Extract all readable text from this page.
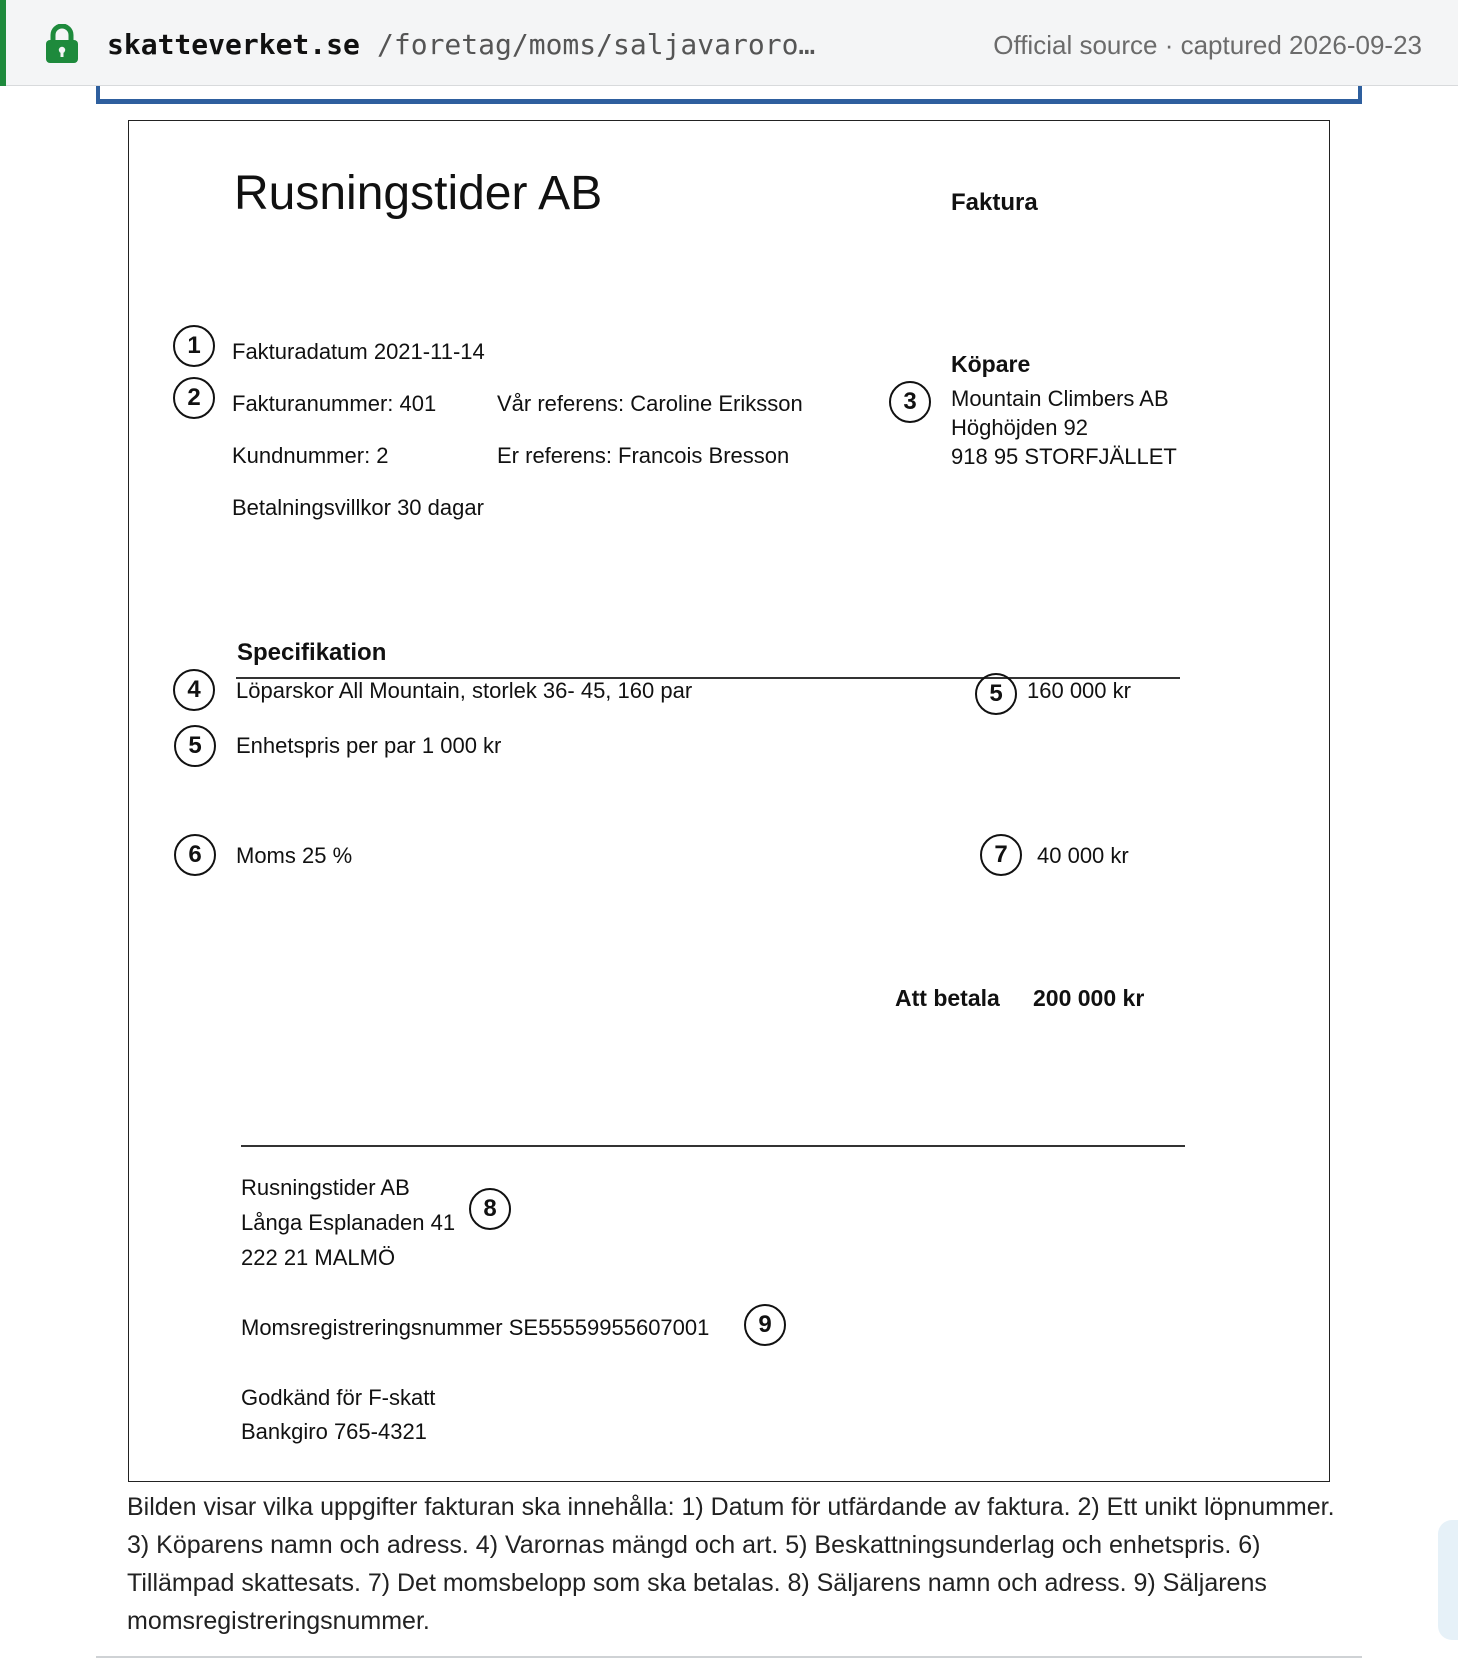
skatteverket.se /foretag/moms/saljavaroro…	Official source · captured 2026-09-23
Rusningstider AB	Faktura
1	Fakturadatum 2021-11-14
2	Fakturanummer: 401	Vår referens: Caroline Eriksson
Kundnummer: 2	Er referens: Francois Bresson
Betalningsvillkor 30 dagar
Köpare
3	Mountain Climbers AB
Höghöjden 92
918 95 STORFJÄLLET
Specifikation
4	Löparskor All Mountain, storlek 36- 45, 160 par	5	160 000 kr
5	Enhetspris per par 1 000 kr
6	Moms 25 %	7	40 000 kr
Att betala 200 000 kr
Rusningstider AB
Långa Esplanaden 41
222 21 MALMÖ
8
Momsregistreringsnummer SE55559955607001	9
Godkänd för F-skatt
Bankgiro 765-4321
Bilden visar vilka uppgifter fakturan ska innehålla: 1) Datum för utfärdande av faktura. 2) Ett unikt löpnummer. 3) Köparens namn och adress. 4) Varornas mängd och art. 5) Beskattningsunderlag och enhetspris. 6) Tillämpad skattesats. 7) Det momsbelopp som ska betalas. 8) Säljarens namn och adress. 9) Säljarens momsregistreringsnummer.
